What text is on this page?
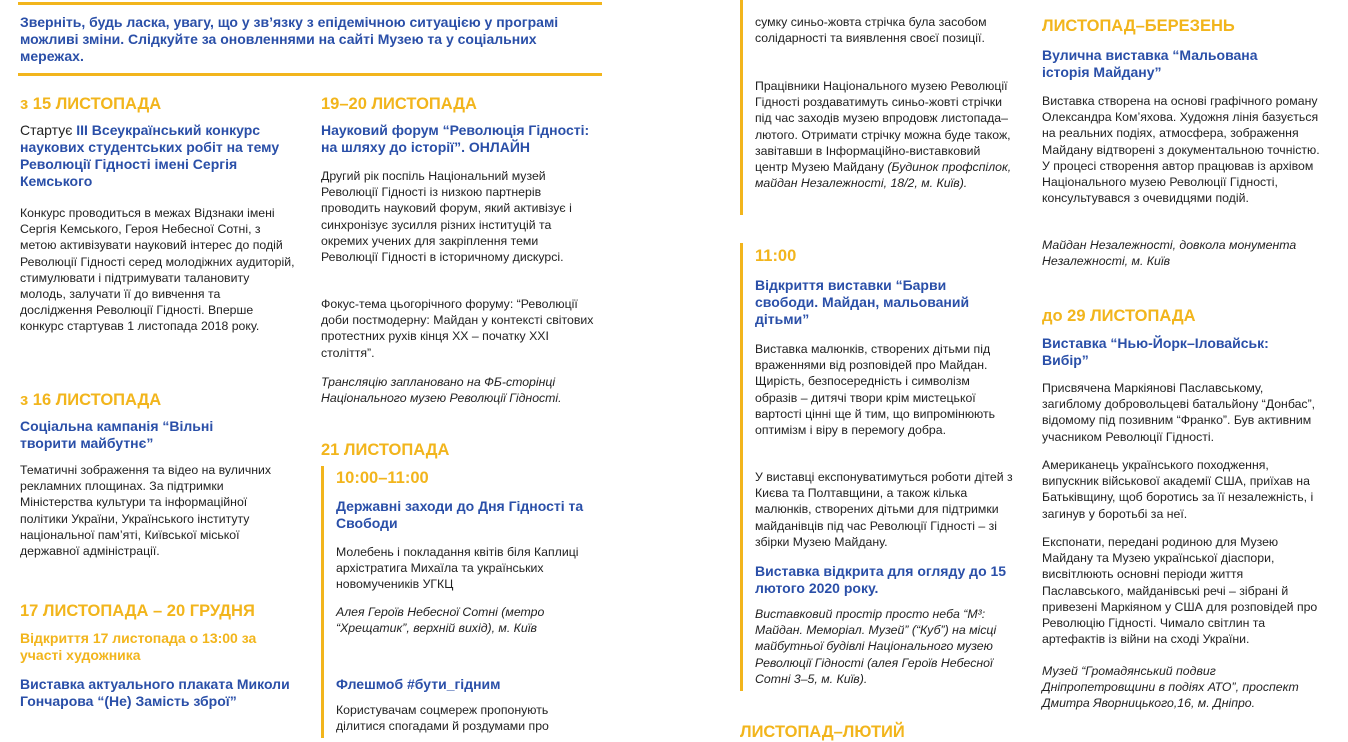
Зверніть, будь ласка, увагу, що у зв’язку з епідемічною ситуацією у програмі можливі зміни. Слідкуйте за оновленнями на сайті Музею та у соціальних мережах.
з 15 ЛИСТОПАДА
Стартує III Всеукраїнський конкурс наукових студентських робіт на тему Революції Гідності імені Сергія Кемського
Конкурс проводиться в межах Відзнаки імені Сергія Кемського, Героя Небесної Сотні, з метою активізувати науковий інтерес до подій Революції Гідності серед молодіжних аудиторій, стимулювати і підтримувати талановиту молодь, залучати її до вивчення та дослідження Революції Гідності. Вперше конкурс стартував 1 листопада 2018 року.
з 16 ЛИСТОПАДА
Соціальна кампанія “Вільні творити майбутнє”
Тематичні зображення та відео на вуличних рекламних площинах. За підтримки Міністерства культури та інформаційної політики України, Українського інституту національної пам’яті, Київської міської державної адміністрації.
17 ЛИСТОПАДА – 20 ГРУДНЯ
Відкриття 17 листопада о 13:00 за участі художника
Виставка актуального плаката Миколи Гончарова “(Не) Замість зброї”
19–20 ЛИСТОПАДА
Науковий форум “Революція Гідності: на шляху до історії”. ОНЛАЙН
Другий рік поспіль Національний музей Революції Гідності із низкою партнерів проводить науковий форум, який активізує і синхронізує зусилля різних інституцій та окремих учених для закріплення теми Революції Гідності в історичному дискурсі.
Фокус-тема цьогорічного форуму: “Революції доби постмодерну: Майдан у контексті світових протестних рухів кінця ХХ – початку ХХІ століття”.
Трансляцію заплановано на ФБ-сторінці Національного музею Революції Гідності.
21 ЛИСТОПАДА
10:00–11:00
Державні заходи до Дня Гідності та Свободи
Молебень і покладання квітів біля Каплиці архістратига Михаїла та українських новомучеників УГКЦ
Алея Героїв Небесної Сотні (метро “Хрещатик”, верхній вихід), м. Київ
Флешмоб #бути_гідним
Користувачам соцмереж пропонують ділитися спогадами й роздумами про
сумку синьо-жовта стрічка була засобом солідарності та виявлення своєї позиції.
Працівники Національного музею Революції Гідності роздаватимуть синьо-жовті стрічки під час заходів музею впродовж листопада–лютого. Отримати стрічку можна буде також, завітавши в Інформаційно-виставковий центр Музею Майдану (Будинок профспілок, майдан Незалежності, 18/2, м. Київ).
11:00
Відкриття виставки “Барви свободи. Майдан, мальований дітьми”
Виставка малюнків, створених дітьми під враженнями від розповідей про Майдан. Щирість, безпосередність і символізм образів – дитячі твори крім мистецької вартості цінні ще й тим, що випромінюють оптимізм і віру в перемогу добра.
У виставці експонуватимуться роботи дітей з Києва та Полтавщини, а також кілька малюнків, створених дітьми для підтримки майданівців під час Революції Гідності – зі збірки Музею Майдану.
Виставка відкрита для огляду до 15 лютого 2020 року.
Виставковий простір просто неба “М³: Майдан. Меморіал. Музей” (“Куб”) на місці майбутньої будівлі Національного музею Революції Гідності (алея Героїв Небесної Сотні 3–5, м. Київ).
ЛИСТОПАД–ЛЮТИЙ
ЛИСТОПАД–БЕРЕЗЕНЬ
Вулична виставка “Мальована історія Майдану”
Виставка створена на основі графічного роману Олександра Ком’яхова. Художня лінія базується на реальних подіях, атмосфера, зображення Майдану відтворені з документальною точністю. У процесі створення автор працював із архівом Національного музею Революції Гідності, консультувався з очевидцями подій.
Майдан Незалежності, довкола монумента Незалежності, м. Київ
до 29 ЛИСТОПАДА
Виставка “Нью-Йорк–Іловайськ: Вибір”
Присвячена Маркіянові Паславському, загиблому добровольцеві батальйону “Донбас”, відомому під позивним “Франко”. Був активним учасником Революції Гідності.
Американець українського походження, випускник військової академії США, приїхав на Батьківщину, щоб боротись за її незалежність, і загинув у боротьбі за неї.
Експонати, передані родиною для Музею Майдану та Музею української діаспори, висвітлюють основні періоди життя Паславського, майданівські речі – зібрані й привезені Маркіяном у США для розповідей про Революцію Гідності. Чимало світлин та артефактів із війни на сході України.
Музей “Громадянський подвиг Дніпропетровщини в подіях АТО”, проспект Дмитра Яворницького,16, м. Дніпро.
